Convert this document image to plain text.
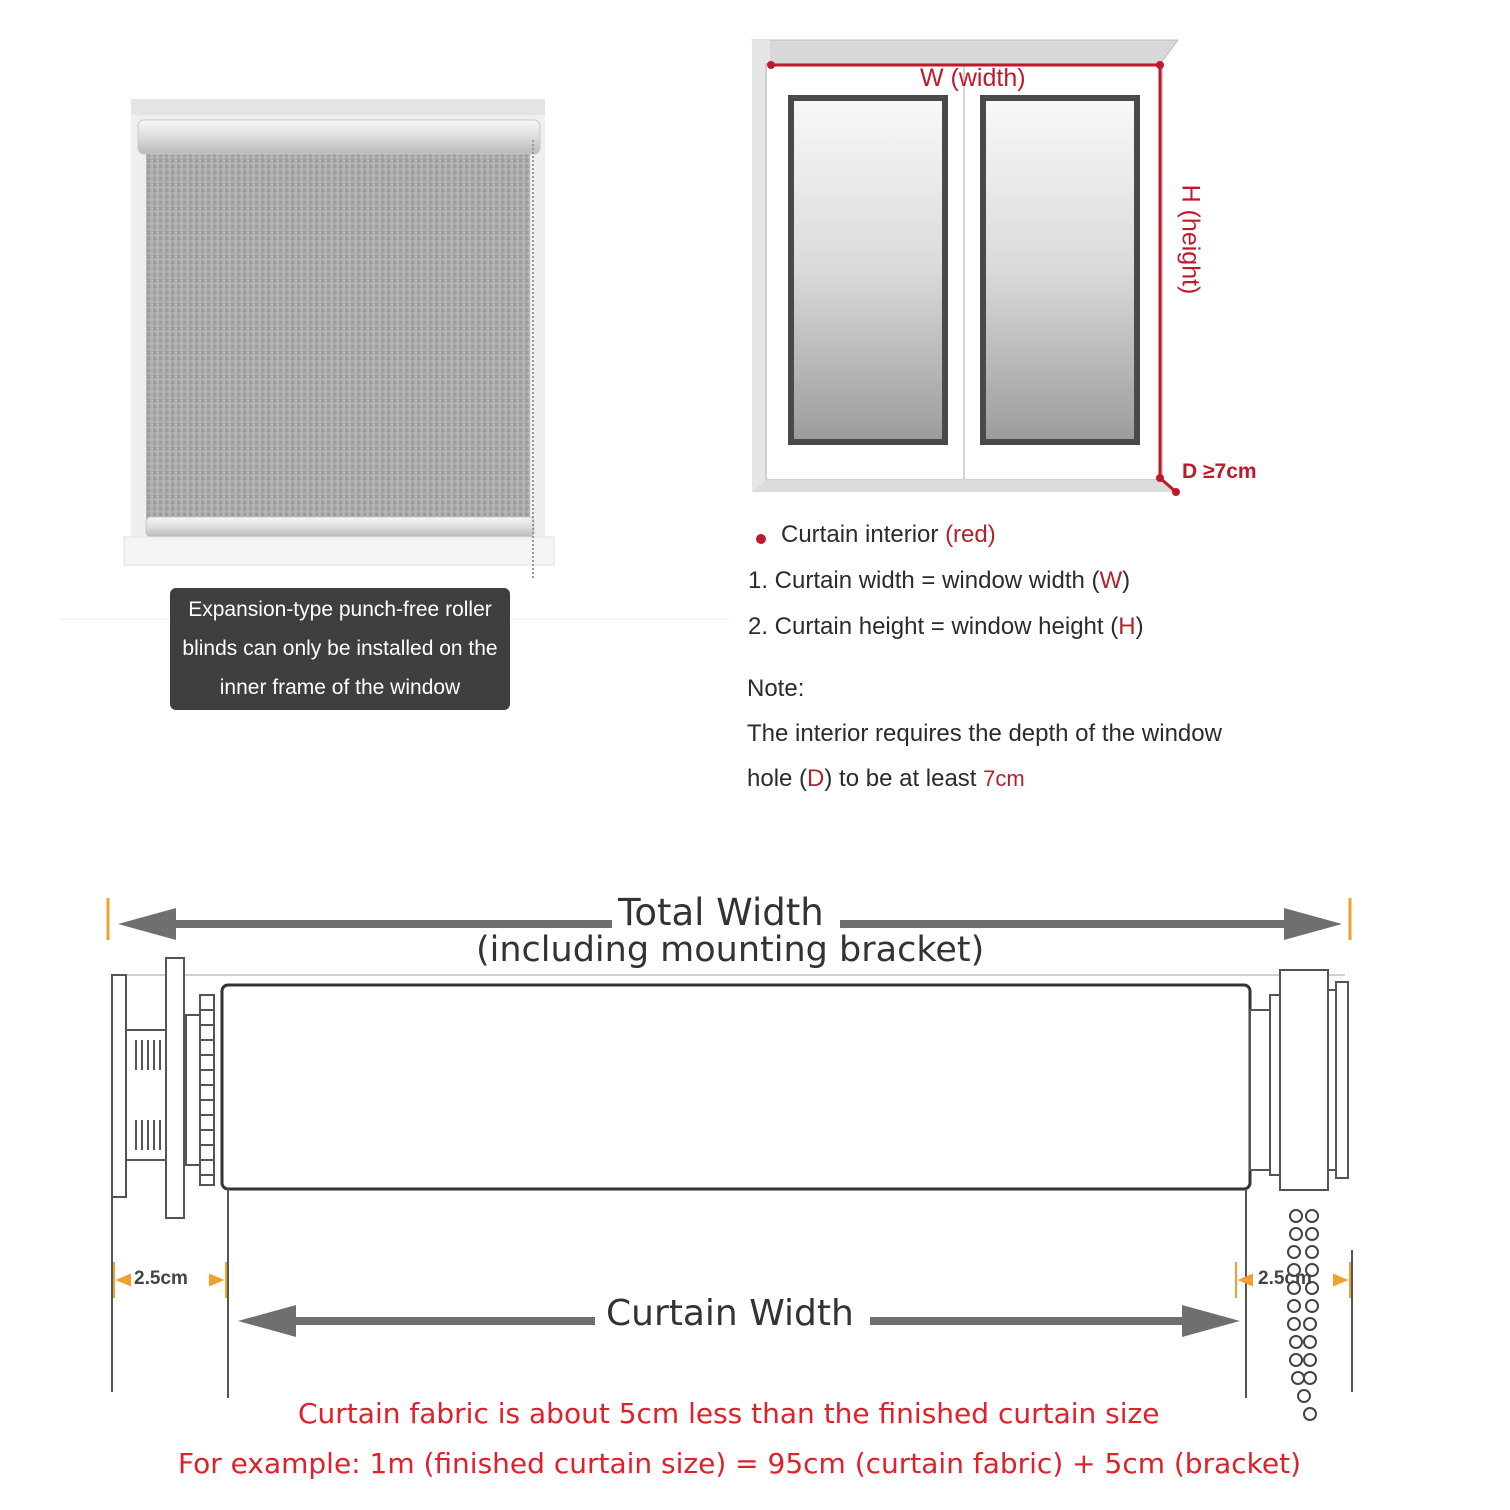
Expansion-type punch-free roller blinds can only be installed on the inner frame of the window
W (width)
H (height)
D ≥7cm
Curtain interior (red)
1. Curtain width = window width (W)
2. Curtain height = window height (H)
Note:
The interior requires the depth of the window
hole (D) to be at least 7cm
Total Width
(including mounting bracket)
2.5cm	2.5cm
Curtain Width
Curtain fabric is about 5cm less than the finished curtain size
For example: 1m (finished curtain size) = 95cm (curtain fabric) + 5cm (bracket)
